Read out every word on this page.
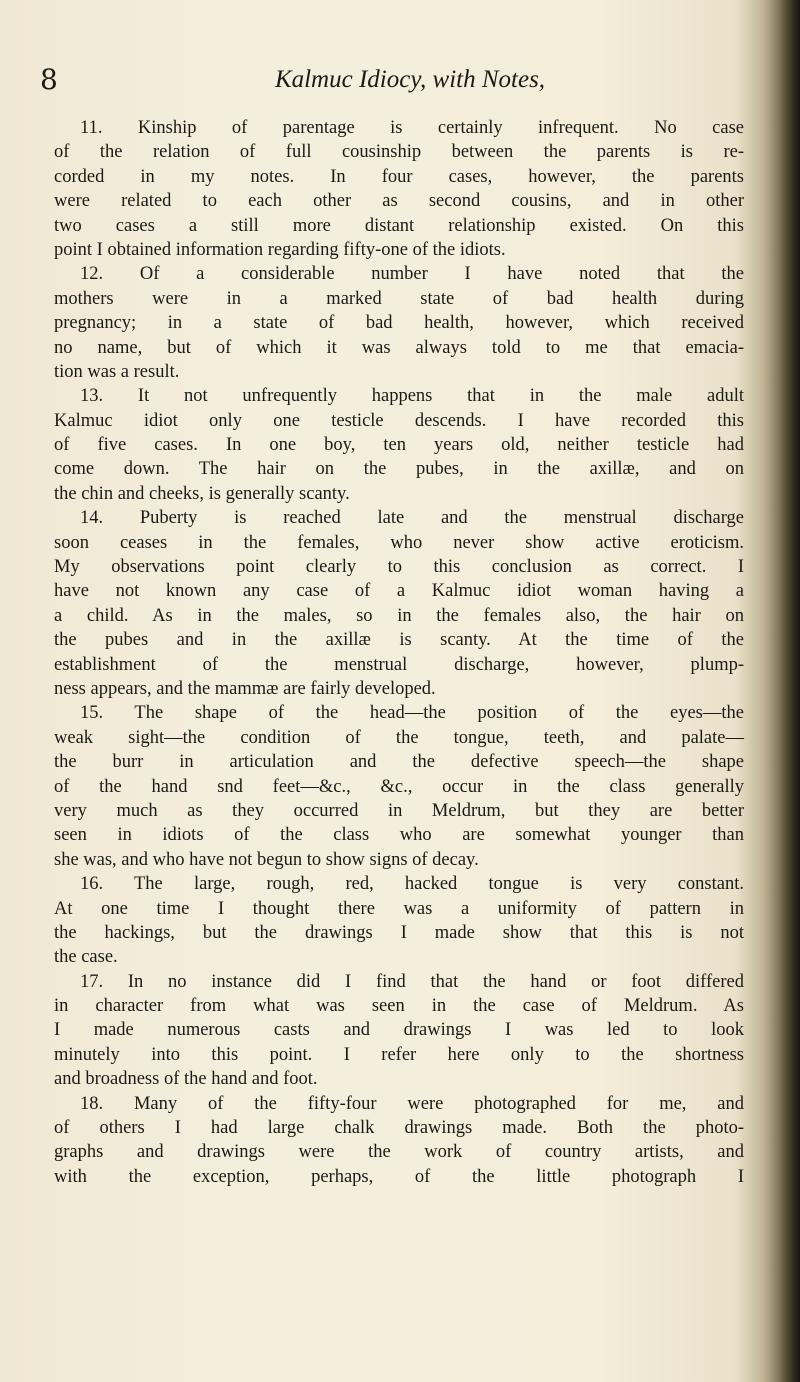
8	Kalmuc Idiocy, with Notes,
11. Kinship of parentage is certainly infrequent. No case
of the relation of full cousinship between the parents is re-
corded in my notes. In four cases, however, the parents
were related to each other as second cousins, and in other
two cases a still more distant relationship existed. On this
point I obtained information regarding fifty-one of the idiots.
12. Of a considerable number I have noted that the
mothers were in a marked state of bad health during
pregnancy; in a state of bad health, however, which received
no name, but of which it was always told to me that emacia-
tion was a result.
13. It not unfrequently happens that in the male adult
Kalmuc idiot only one testicle descends. I have recorded this
of five cases. In one boy, ten years old, neither testicle had
come down. The hair on the pubes, in the axillæ, and on
the chin and cheeks, is generally scanty.
14. Puberty is reached late and the menstrual discharge
soon ceases in the females, who never show active eroticism.
My observations point clearly to this conclusion as correct. I
have not known any case of a Kalmuc idiot woman having a
a child. As in the males, so in the females also, the hair on
the pubes and in the axillæ is scanty. At the time of the
establishment of the menstrual discharge, however, plump-
ness appears, and the mammæ are fairly developed.
15. The shape of the head—the position of the eyes—the
weak sight—the condition of the tongue, teeth, and palate—
the burr in articulation and the defective speech—the shape
of the hand snd feet—&c., &c., occur in the class generally
very much as they occurred in Meldrum, but they are better
seen in idiots of the class who are somewhat younger than
she was, and who have not begun to show signs of decay.
16. The large, rough, red, hacked tongue is very constant.
At one time I thought there was a uniformity of pattern in
the hackings, but the drawings I made show that this is not
the case.
17. In no instance did I find that the hand or foot differed
in character from what was seen in the case of Meldrum. As
I made numerous casts and drawings I was led to look
minutely into this point. I refer here only to the shortness
and broadness of the hand and foot.
18. Many of the fifty-four were photographed for me, and
of others I had large chalk drawings made. Both the photo-
graphs and drawings were the work of country artists, and
with the exception, perhaps, of the little photograph I
